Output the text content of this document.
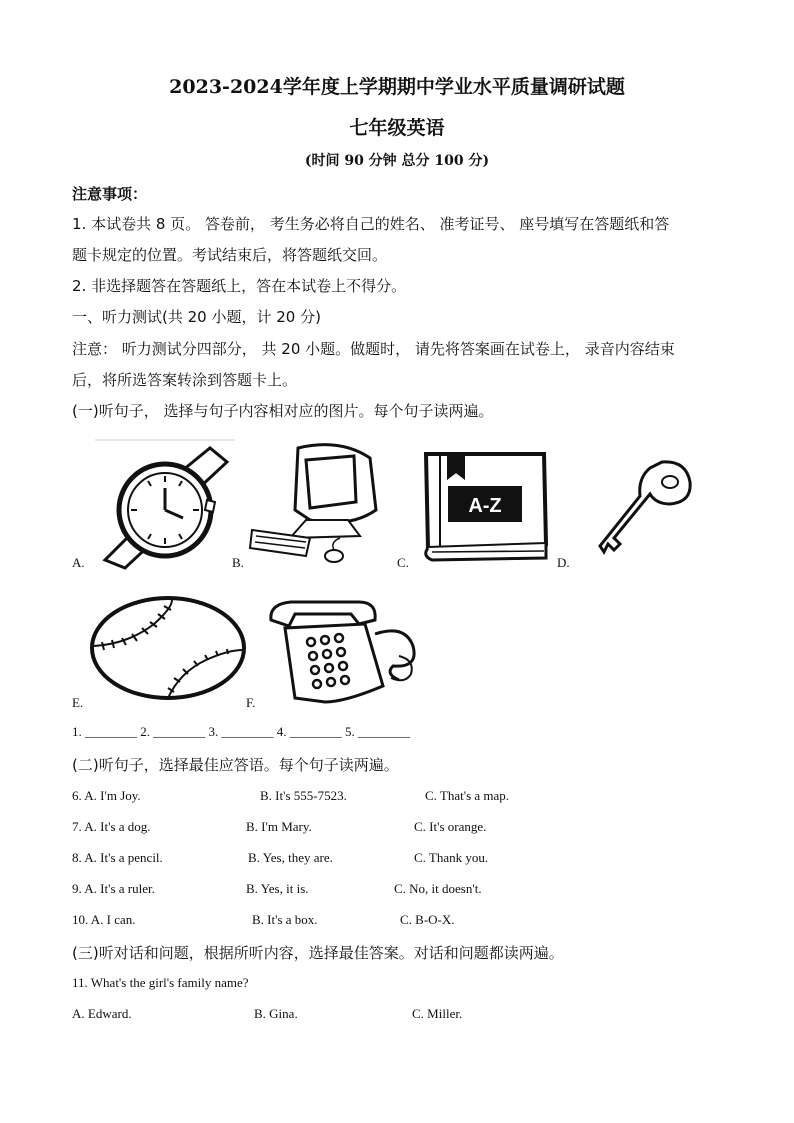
2023-2024学年度上学期期中学业水平质量调研试题
七年级英语
(时间 90 分钟 总分 100 分)
注意事项：
1. 本试卷共 8 页。 答卷前， 考生务必将自己的姓名、 准考证号、 座号填写在答题纸和答
题卡规定的位置。考试结束后，将答题纸交回。
2. 非选择题答在答题纸上，答在本试卷上不得分。
一、听力测试(共 20 小题，计 20 分)
注意： 听力测试分四部分， 共 20 小题。做题时， 请先将答案画在试卷上， 录音内容结束
后，将所选答案转涂到答题卡上。
(一)听句子， 选择与句子内容相对应的图片。每个句子读两遍。
A.	B.
A-Z
C.	D.
E.	F.
1. ________ 2. ________ 3. ________ 4. ________ 5. ________
(二)听句子，选择最佳应答语。每个句子读两遍。
6. A. I'm Joy.	B. It's 555-7523.	C. That's a map.
7. A. It's a dog.	B. I'm Mary.	C. It's orange.
8. A. It's a pencil.	B. Yes, they are.	C. Thank you.
9. A. It's a ruler.	B. Yes, it is.	C. No, it doesn't.
10. A. I can.	B. It's a box.	C. B-O-X.
(三)听对话和问题，根据所听内容，选择最佳答案。对话和问题都读两遍。
11. What's the girl's family name?
A. Edward.	B. Gina.	C. Miller.
